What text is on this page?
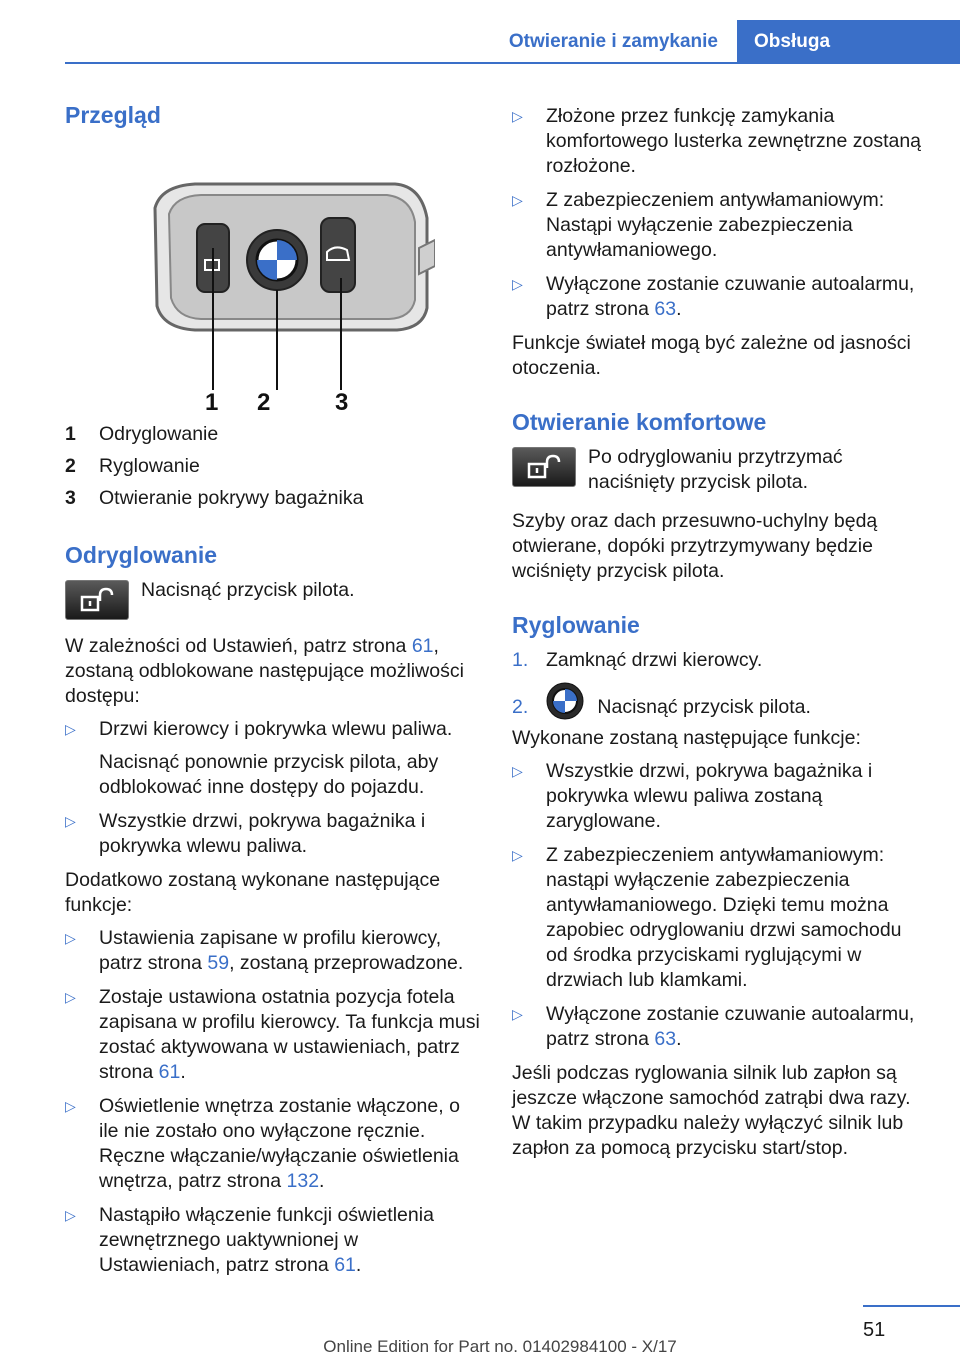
Otwieranie i zamykanie	Obsługa
Przegląd
1 2	3
1	Odryglowanie
2	Ryglowanie
3	Otwieranie pokrywy bagażnika
Odryglowanie
Nacisnąć przycisk pilota.

W zależności od Ustawień, patrz strona 61, zostaną odblokowane następujące możliwości dostępu:

▷ Drzwi kierowcy i pokrywka wlewu paliwa.
Nacisnąć ponownie przycisk pilota, aby odblokować inne dostępy do pojazdu.
▷ Wszystkie drzwi, pokrywa bagażnika i pokrywka wlewu paliwa.

Dodatkowo zostaną wykonane następujące funkcje:

▷ Ustawienia zapisane w profilu kierowcy, patrz strona 59, zostaną przeprowadzone.
▷ Zostaje ustawiona ostatnia pozycja fotela zapisana w profilu kierowcy. Ta funkcja musi zostać aktywowana w ustawieniach, patrz strona 61.
▷ Oświetlenie wnętrza zostanie włączone, o ile nie zostało ono wyłączone ręcznie. Ręczne włączanie/wyłączanie oświetlenia wnętrza, patrz strona 132.
▷ Nastąpiło włączenie funkcji oświetlenia zewnętrznego uaktywnionej w Ustawieniach, patrz strona 61.
▷ Złożone przez funkcję zamykania komfortowego lusterka zewnętrzne zostaną rozłożone.
▷ Z zabezpieczeniem antywłamaniowym: Nastąpi wyłączenie zabezpieczenia antywłamaniowego.
▷ Wyłączone zostanie czuwanie autoalarmu, patrz strona 63.

Funkcje świateł mogą być zależne od jasności otoczenia.

Otwieranie komfortowe
Po odryglowaniu przytrzymać naciśnięty przycisk pilota.

Szyby oraz dach przesuwno-uchylny będą otwierane, dopóki przytrzymywany będzie wciśnięty przycisk pilota.

Ryglowanie
1. Zamknąć drzwi kierowcy.
2.	Nacisnąć przycisk pilota.

Wykonane zostaną następujące funkcje:

▷ Wszystkie drzwi, pokrywa bagażnika i pokrywka wlewu paliwa zostaną zaryglowane.
▷ Z zabezpieczeniem antywłamaniowym: nastąpi wyłączenie zabezpieczenia antywłamaniowego. Dzięki temu można zapobiec odryglowaniu drzwi samochodu od środka przyciskami ryglującymi w drzwiach lub klamkami.
▷ Wyłączone zostanie czuwanie autoalarmu, patrz strona 63.

Jeśli podczas ryglowania silnik lub zapłon są jeszcze włączone samochód zatrąbi dwa razy. W takim przypadku należy wyłączyć silnik lub zapłon za pomocą przycisku start/stop.

51
Online Edition for Part no. 01402984100 - X/17
